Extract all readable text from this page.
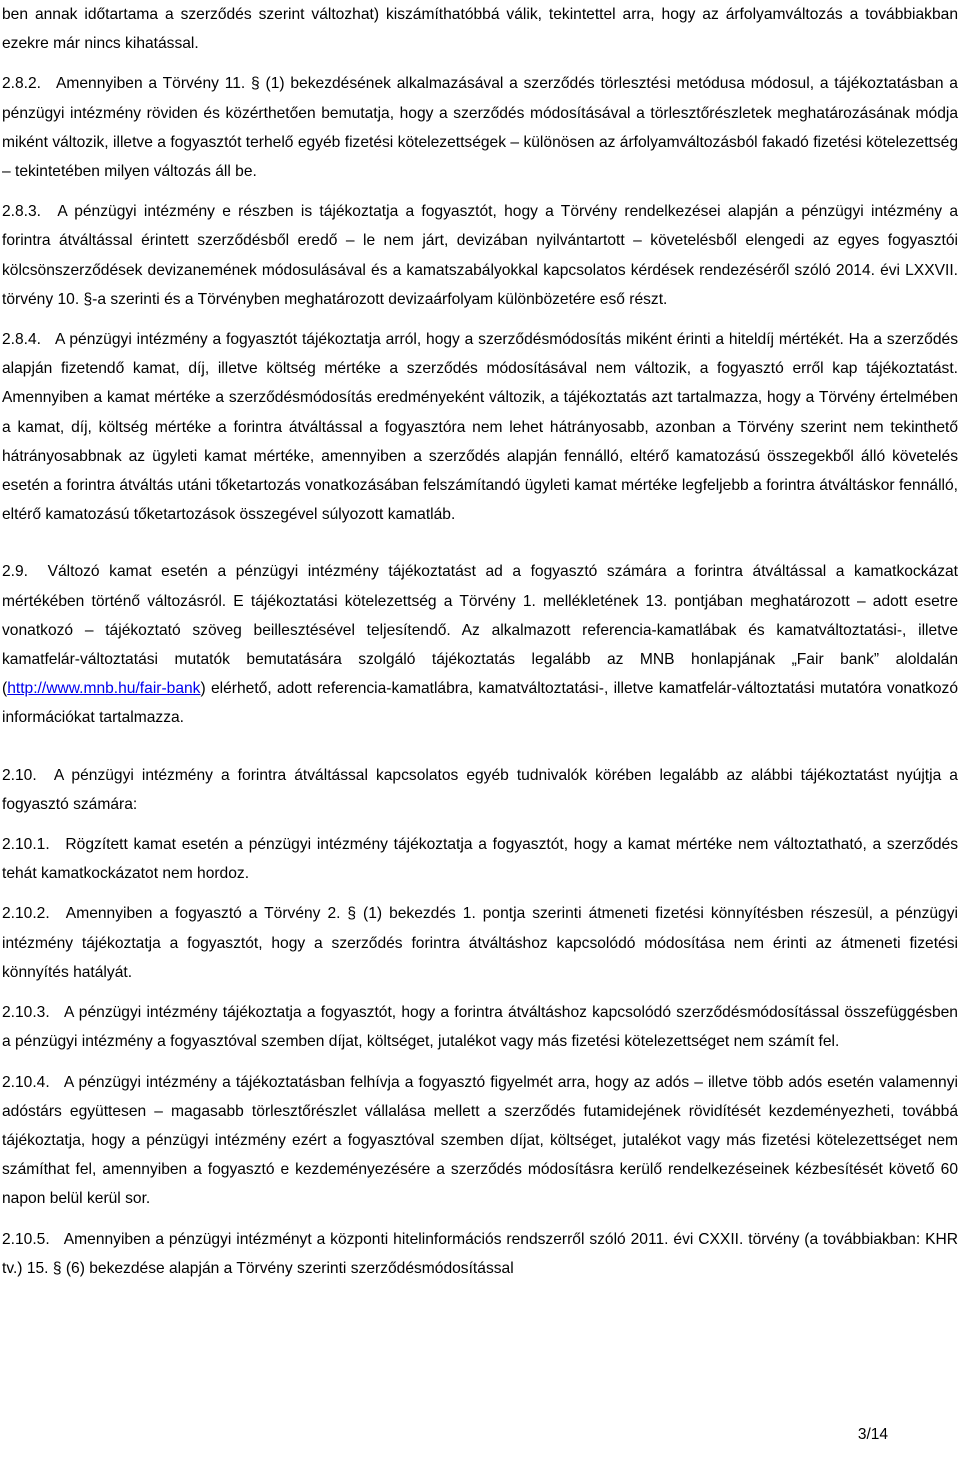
ben annak időtartama a szerződés szerint változhat) kiszámíthatóbbá válik, tekintettel arra, hogy az árfolyamváltozás a továbbiakban ezekre már nincs kihatással.

2.8.2. Amennyiben a Törvény 11. § (1) bekezdésének alkalmazásával a szerződés törlesztési metódusa módosul, a tájékoztatásban a pénzügyi intézmény röviden és közérthetően bemutatja, hogy a szerződés módosításával a törlesztőrészletek meghatározásának módja miként változik, illetve a fogyasztót terhelő egyéb fizetési kötelezettségek – különösen az árfolyamváltozásból fakadó fizetési kötelezettség – tekintetében milyen változás áll be.

2.8.3. A pénzügyi intézmény e részben is tájékoztatja a fogyasztót, hogy a Törvény rendelkezései alapján a pénzügyi intézmény a forintra átváltással érintett szerződésből eredő – le nem járt, devizában nyilvántartott – követelésből elengedi az egyes fogyasztói kölcsönszerződések devizanemének módosulásával és a kamatszabályokkal kapcsolatos kérdések rendezéséről szóló 2014. évi LXXVII. törvény 10. §-a szerinti és a Törvényben meghatározott devizaárfolyam különbözetére eső részt.

2.8.4. A pénzügyi intézmény a fogyasztót tájékoztatja arról, hogy a szerződésmódosítás miként érinti a hiteldíj mértékét. Ha a szerződés alapján fizetendő kamat, díj, illetve költség mértéke a szerződés módosításával nem változik, a fogyasztó erről kap tájékoztatást. Amennyiben a kamat mértéke a szerződésmódosítás eredményeként változik, a tájékoztatás azt tartalmazza, hogy a Törvény értelmében a kamat, díj, költség mértéke a forintra átváltással a fogyasztóra nem lehet hátrányosabb, azonban a Törvény szerint nem tekinthető hátrányosabbnak az ügyleti kamat mértéke, amennyiben a szerződés alapján fennálló, eltérő kamatozású összegekből álló követelés esetén a forintra átváltás utáni tőketartozás vonatkozásában felszámítandó ügyleti kamat mértéke legfeljebb a forintra átváltáskor fennálló, eltérő kamatozású tőketartozások összegével súlyozott kamatláb.

2.9. Változó kamat esetén a pénzügyi intézmény tájékoztatást ad a fogyasztó számára a forintra átváltással a kamatkockázat mértékében történő változásról. E tájékoztatási kötelezettség a Törvény 1. mellékletének 13. pontjában meghatározott – adott esetre vonatkozó – tájékoztató szöveg beillesztésével teljesítendő. Az alkalmazott referencia-kamatlábak és kamatváltoztatási-, illetve kamatfelár-változtatási mutatók bemutatására szolgáló tájékoztatás legalább az MNB honlapjának „Fair bank” aloldalán (http://www.mnb.hu/fair-bank) elérhető, adott referencia-kamatlábra, kamatváltoztatási-, illetve kamatfelár-változtatási mutatóra vonatkozó információkat tartalmazza.

2.10. A pénzügyi intézmény a forintra átváltással kapcsolatos egyéb tudnivalók körében legalább az alábbi tájékoztatást nyújtja a fogyasztó számára:

2.10.1. Rögzített kamat esetén a pénzügyi intézmény tájékoztatja a fogyasztót, hogy a kamat mértéke nem változtatható, a szerződés tehát kamatkockázatot nem hordoz.

2.10.2. Amennyiben a fogyasztó a Törvény 2. § (1) bekezdés 1. pontja szerinti átmeneti fizetési könnyítésben részesül, a pénzügyi intézmény tájékoztatja a fogyasztót, hogy a szerződés forintra átváltáshoz kapcsolódó módosítása nem érinti az átmeneti fizetési könnyítés hatályát.

2.10.3. A pénzügyi intézmény tájékoztatja a fogyasztót, hogy a forintra átváltáshoz kapcsolódó szerződésmódosítással összefüggésben a pénzügyi intézmény a fogyasztóval szemben díjat, költséget, jutalékot vagy más fizetési kötelezettséget nem számít fel.

2.10.4. A pénzügyi intézmény a tájékoztatásban felhívja a fogyasztó figyelmét arra, hogy az adós – illetve több adós esetén valamennyi adóstárs együttesen – magasabb törlesztőrészlet vállalása mellett a szerződés futamidejének rövidítését kezdeményezheti, továbbá tájékoztatja, hogy a pénzügyi intézmény ezért a fogyasztóval szemben díjat, költséget, jutalékot vagy más fizetési kötelezettséget nem számíthat fel, amennyiben a fogyasztó e kezdeményezésére a szerződés módosításra kerülő rendelkezéseinek kézbesítését követő 60 napon belül kerül sor.

2.10.5. Amennyiben a pénzügyi intézményt a központi hitelinformációs rendszerről szóló 2011. évi CXXII. törvény (a továbbiakban: KHR tv.) 15. § (6) bekezdése alapján a Törvény szerinti szerződésmódosítással

3/14
